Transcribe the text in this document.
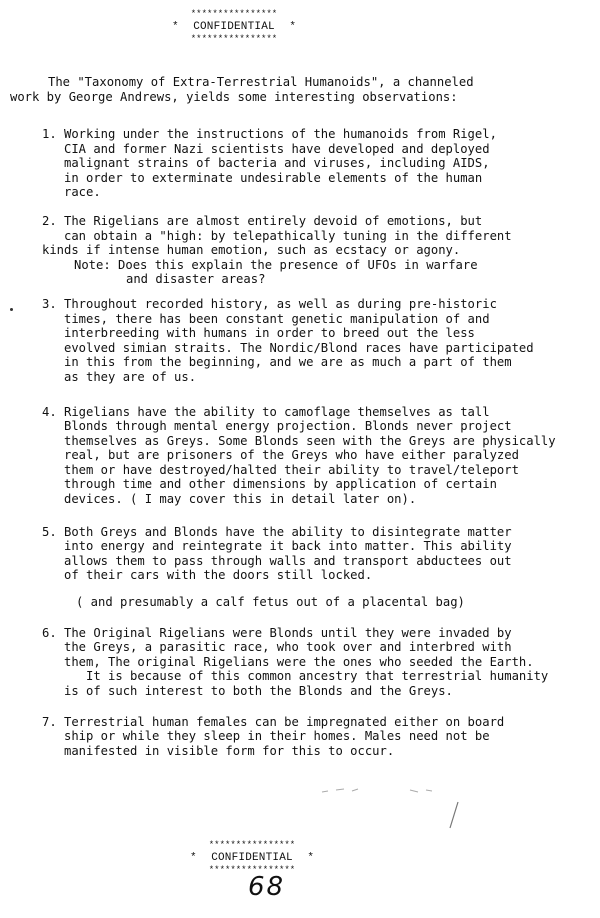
****************
* CONFIDENTIAL *
****************
The "Taxonomy of Extra-Terrestrial Humanoids", a channeled
work by George Andrews, yields some interesting observations:
1. Working under the instructions of the humanoids from Rigel,
CIA and former Nazi scientists have developed and deployed
malignant strains of bacteria and viruses, including AIDS,
in order to exterminate undesirable elements of the human
race.
2. The Rigelians are almost entirely devoid of emotions, but
can obtain a "high: by telepathically tuning in the different
kinds if intense human emotion, such as ecstacy or agony.
Note: Does this explain the presence of UFOs in warfare
and disaster areas?
3. Throughout recorded history, as well as during pre-historic
times, there has been constant genetic manipulation of and
interbreeding with humans in order to breed out the less
evolved simian straits. The Nordic/Blond races have participated
in this from the beginning, and we are as much a part of them
as they are of us.
4. Rigelians have the ability to camoflage themselves as tall
Blonds through mental energy projection. Blonds never project
themselves as Greys. Some Blonds seen with the Greys are physically
real, but are prisoners of the Greys who have either paralyzed
them or have destroyed/halted their ability to travel/teleport
through time and other dimensions by application of certain
devices. ( I may cover this in detail later on).
5. Both Greys and Blonds have the ability to disintegrate matter
into energy and reintegrate it back into matter. This ability
allows them to pass through walls and transport abductees out
of their cars with the doors still locked.
( and presumably a calf fetus out of a placental bag)
6. The Original Rigelians were Blonds until they were invaded by
the Greys, a parasitic race, who took over and interbred with
them, The original Rigelians were the ones who seeded the Earth.
It is because of this common ancestry that terrestrial humanity
is of such interest to both the Blonds and the Greys.
7. Terrestrial human females can be impregnated either on board
ship or while they sleep in their homes. Males need not be
manifested in visible form for this to occur.
****************
* CONFIDENTIAL *
****************
68
